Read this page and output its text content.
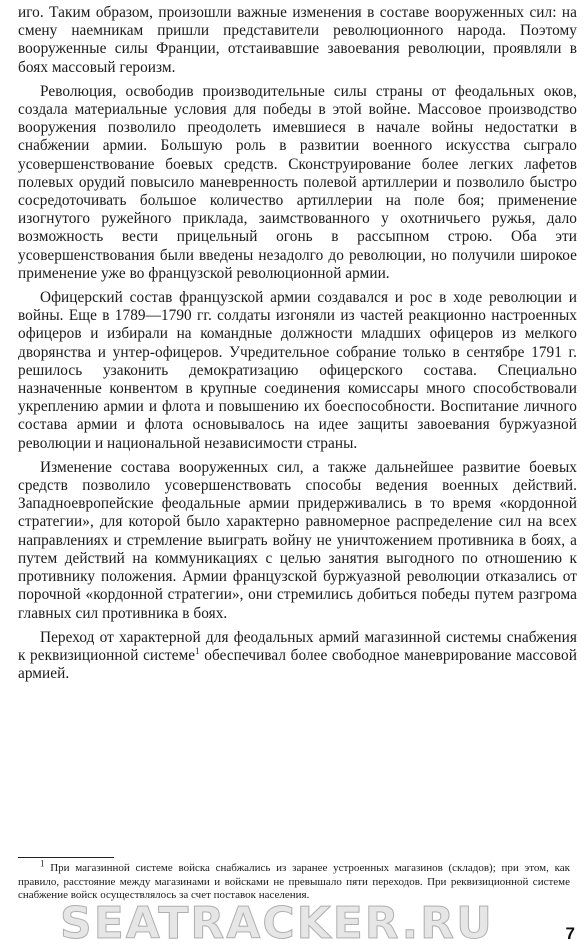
иго. Таким образом, произошли важные изменения в составе вооруженных сил: на смену наемникам пришли представители революционного народа. Поэтому вооруженные силы Франции, отстаивавшие завоевания революции, проявляли в боях массовый героизм.

Революция, освободив производительные силы страны от феодальных оков, создала материальные условия для победы в этой войне. Массовое производство вооружения позволило преодолеть имевшиеся в начале войны недостатки в снабжении армии. Большую роль в развитии военного искусства сыграло усовершенствование боевых средств. Сконструирование более легких лафетов полевых орудий повысило маневренность полевой артиллерии и позволило быстро сосредоточивать большое количество артиллерии на поле боя; применение изогнутого ружейного приклада, заимствованного у охотничьего ружья, дало возможность вести прицельный огонь в рассыпном строю. Оба эти усовершенствования были введены незадолго до революции, но получили широкое применение уже во французской революционной армии.

Офицерский состав французской армии создавался и рос в ходе революции и войны. Еще в 1789—1790 гг. солдаты изгоняли из частей реакционно настроенных офицеров и избирали на командные должности младших офицеров из мелкого дворянства и унтер-офицеров. Учредительное собрание только в сентябре 1791 г. решилось узаконить демократизацию офицерского состава. Специально назначенные конвентом в крупные соединения комиссары много способствовали укреплению армии и флота и повышению их боеспособности. Воспитание личного состава армии и флота основывалось на идее защиты завоевания буржуазной революции и национальной независимости страны.

Изменение состава вооруженных сил, а также дальнейшее развитие боевых средств позволило усовершенствовать способы ведения военных действий. Западноевропейские феодальные армии придерживались в то время «кордонной стратегии», для которой было характерно равномерное распределение сил на всех направлениях и стремление выиграть войну не уничтожением противника в боях, а путем действий на коммуникациях с целью занятия выгодного по отношению к противнику положения. Армии французской буржуазной революции отказались от порочной «кордонной стратегии», они стремились добиться победы путем разгрома главных сил противника в боях.

Переход от характерной для феодальных армий магазинной системы снабжения к реквизиционной системе$^1$ обеспечивал более свободное маневрирование массовой армией.

$^1$ При магазинной системе войска снабжались из заранее устроенных магазинов (складов); при этом, как правило, расстояние между магазинами и войсками не превышало пяти переходов. При реквизиционной системе снабжение войск осуществлялось за счет поставок населения.

SEATRACKER.RU	7
